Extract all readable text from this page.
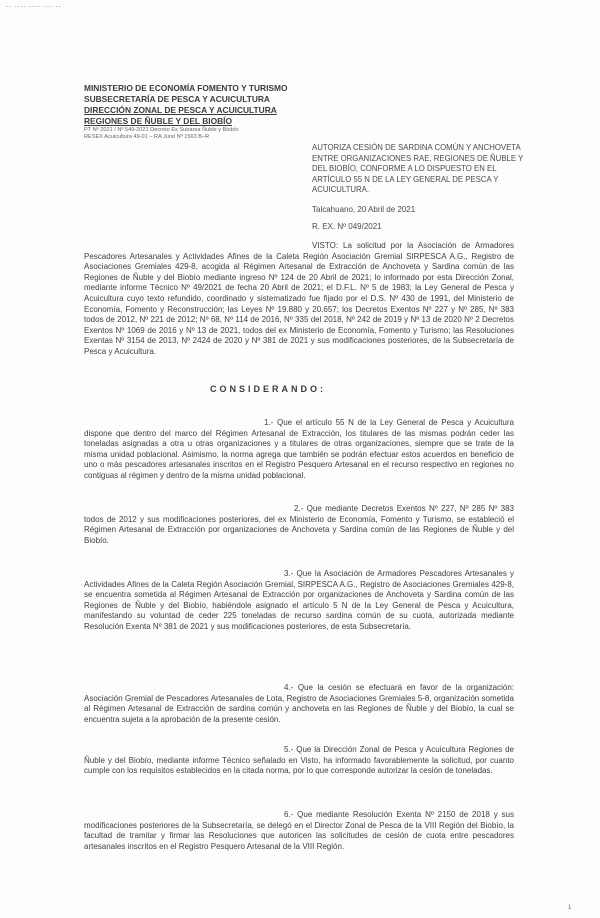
-- ---- ---- --- --
MINISTERIO DE ECONOMÍA FOMENTO Y TURISMO
SUBSECRETARÍA DE PESCA Y ACUICULTURA
DIRECCIÓN ZONAL DE PESCA Y ACUICULTURA
REGIONES DE ÑUBLE Y DEL BIOBÍO
PT Nº 2021 / Nº 549-2021 Decreto Ex Subarea Ñuble y Biobío
RESEX Acuicultura 49-01 – RA Jurel Nº 1563 B–R
AUTORIZA CESIÓN DE SARDINA COMÚN Y ANCHOVETA ENTRE ORGANIZACIONES RAE, REGIONES DE ÑUBLE Y DEL BIOBÍO, CONFORME A LO DISPUESTO EN EL ARTÍCULO 55 N DE LA LEY GENERAL DE PESCA Y ACUICULTURA.
Talcahuano, 20 Abril de 2021
R. EX. Nº 049/2021
VISTO: La solicitud por la Asociación de Armadores Pescadores Artesanales y Actividades Afines de la Caleta Región Asociación Gremial SIRPESCA A.G., Registro de Asociaciones Gremiales 429-8, acogida al Régimen Artesanal de Extracción de Anchoveta y Sardina común de las Regiones de Ñuble y del Biobío mediante ingreso Nº 124 de 20 Abril de 2021; lo informado por esta Dirección Zonal, mediante informe Técnico Nº 49/2021 de fecha 20 Abril de 2021; el D.F.L. Nº 5 de 1983; la Ley General de Pesca y Acuicultura cuyo texto refundido, coordinado y sistematizado fue fijado por el D.S. Nº 430 de 1991, del Ministerio de Economía, Fomento y Reconstrucción; las Leyes Nº 19.880 y 20.657; los Decretos Exentos Nº 227 y Nº 285, Nº 383 todos de 2012, Nº 221 de 2012; Nº 68, Nº 114 de 2016, Nº 335 del 2018, Nº 242 de 2019 y Nº 13 de 2020 Nº 2 Decretos Exentos Nº 1069 de 2016 y Nº 13 de 2021, todos del ex Ministerio de Economía, Fomento y Turismo; las Resoluciones Exentas Nº 3154 de 2013, Nº 2424 de 2020 y Nº 381 de 2021 y sus modificaciones posteriores, de la Subsecretaría de Pesca y Acuicultura.
CONSIDERANDO:
1.- Que el artículo 55 N de la Ley General de Pesca y Acuicultura dispone que dentro del marco del Régimen Artesanal de Extracción, los titulares de las mismas podrán ceder las toneladas asignadas a otra u otras organizaciones y a titulares de otras organizaciones, siempre que se trate de la misma unidad poblacional. Asimismo, la norma agrega que también se podrán efectuar estos acuerdos en beneficio de uno o más pescadores artesanales inscritos en el Registro Pesquero Artesanal en el recurso respectivo en regiones no contiguas al régimen y dentro de la misma unidad poblacional.
2.- Que mediante Decretos Exentos Nº 227, Nº 285 Nº 383 todos de 2012 y sus modificaciones posteriores, del ex Ministerio de Economía, Fomento y Turismo, se estableció el Régimen Artesanal de Extracción por organizaciones de Anchoveta y Sardina común de las Regiones de Ñuble y del Biobío.
3.- Que la Asociación de Armadores Pescadores Artesanales y Actividades Afines de la Caleta Región Asociación Gremial, SIRPESCA A.G., Registro de Asociaciones Gremiales 429-8, se encuentra sometida al Régimen Artesanal de Extracción por organizaciones de Anchoveta y Sardina común de las Regiones de Ñuble y del Biobío, habiéndole asignado el artículo 5 N de la Ley General de Pesca y Acuicultura, manifestando su voluntad de ceder 225 toneladas de recurso sardina común de su cuota, autorizada mediante Resolución Exenta Nº 381 de 2021 y sus modificaciones posteriores, de esta Subsecretaría.
4.- Que la cesión se efectuará en favor de la organización: Asociación Gremial de Pescadores Artesanales de Lota, Registro de Asociaciones Gremiales 5-8, organización sometida al Régimen Artesanal de Extracción de sardina común y anchoveta en las Regiones de Ñuble y del Biobío, la cual se encuentra sujeta a la aprobación de la presente cesión.
5.- Que la Dirección Zonal de Pesca y Acuicultura Regiones de Ñuble y del Biobío, mediante informe Técnico señalado en Visto, ha informado favorablemente la solicitud, por cuanto cumple con los requisitos establecidos en la citada norma, por lo que corresponde autorizar la cesión de toneladas.
6.- Que mediante Resolución Exenta Nº 2150 de 2018 y sus modificaciones posteriores de la Subsecretaría, se delegó en el Director Zonal de Pesca de la VIII Región del Biobío, la facultad de tramitar y firmar las Resoluciones que autoricen las solicitudes de cesión de cuota entre pescadores artesanales inscritos en el Registro Pesquero Artesanal de la VIII Región.
1
